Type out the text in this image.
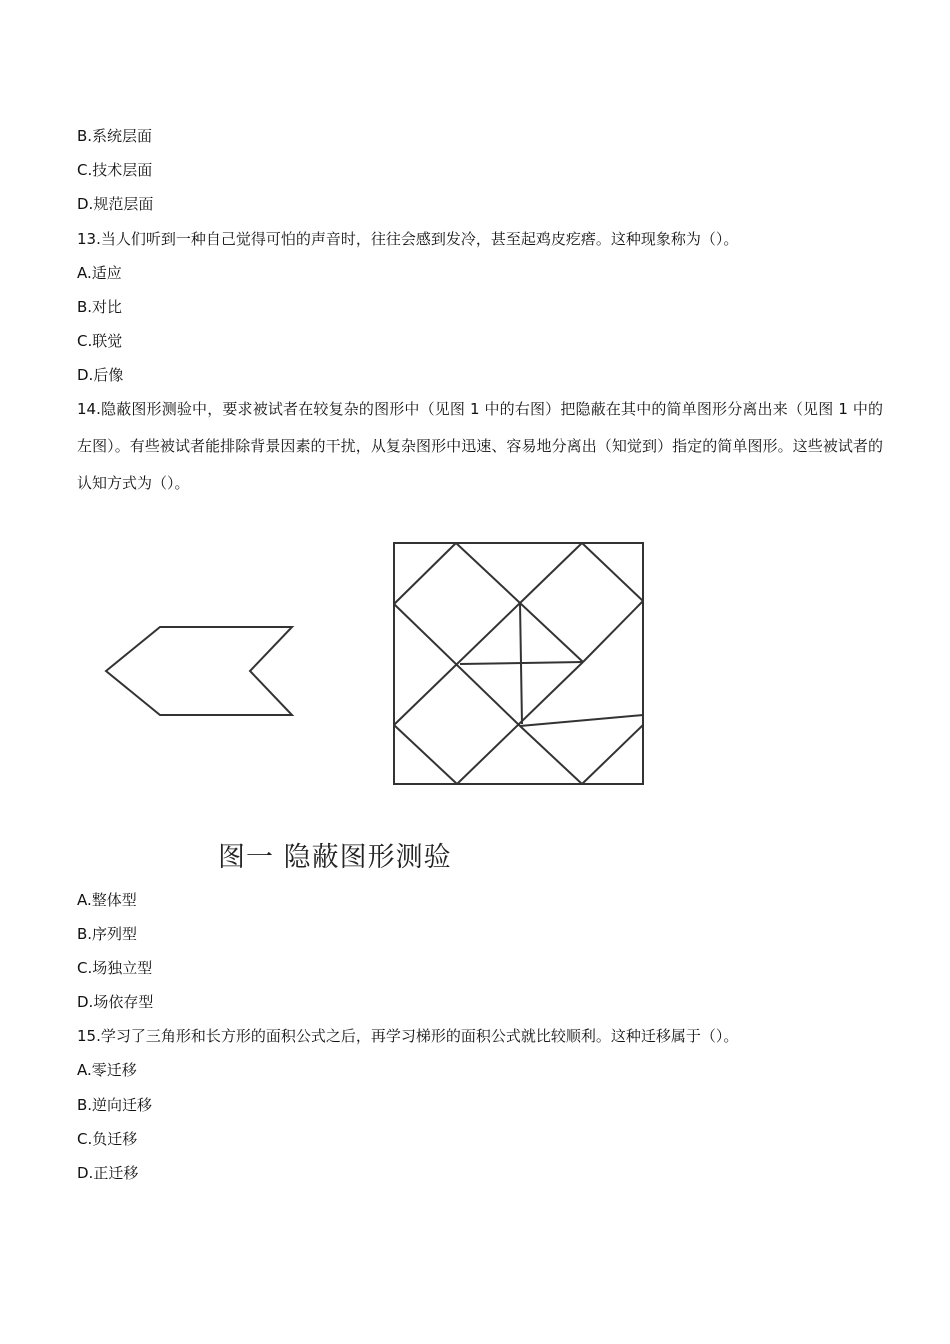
B.系统层面
C.技术层面
D.规范层面
13.当人们听到一种自己觉得可怕的声音时，往往会感到发冷，甚至起鸡皮疙瘩。这种现象称为（）。
A.适应
B.对比
C.联觉
D.后像
14.隐蔽图形测验中，要求被试者在较复杂的图形中（见图 1 中的右图）把隐蔽在其中的简单图形分离出来（见图 1 中的左图）。有些被试者能排除背景因素的干扰，从复杂图形中迅速、容易地分离出（知觉到）指定的简单图形。这些被试者的认知方式为（）。
图一 隐蔽图形测验
A.整体型
B.序列型
C.场独立型
D.场依存型
15.学习了三角形和长方形的面积公式之后，再学习梯形的面积公式就比较顺利。这种迁移属于（）。
A.零迁移
B.逆向迁移
C.负迁移
D.正迁移
